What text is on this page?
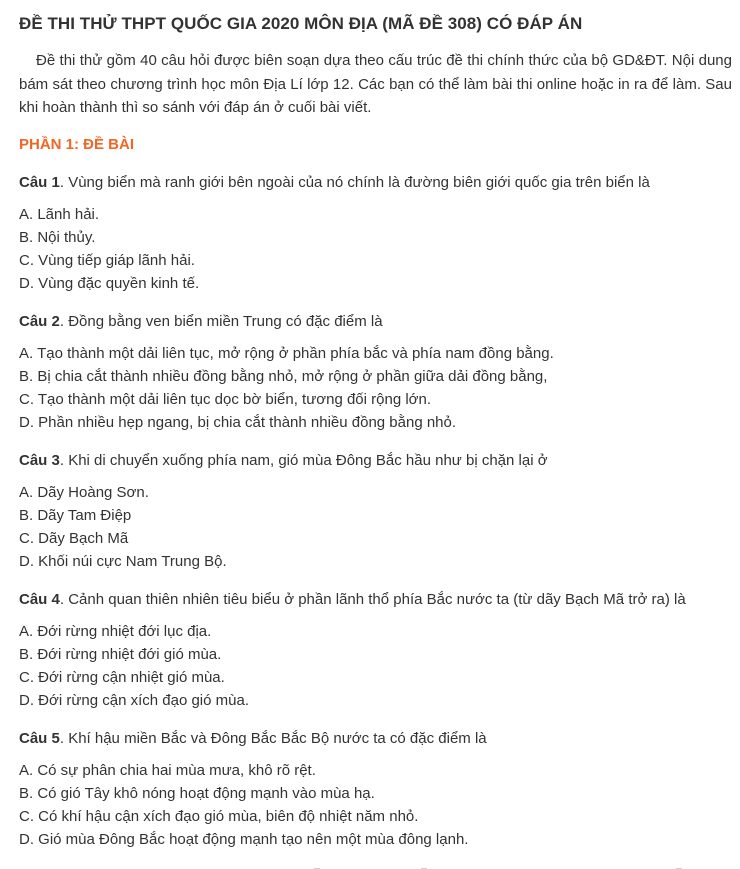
ĐỀ THI THỬ THPT QUỐC GIA 2020 MÔN ĐỊA (MÃ ĐỀ 308) CÓ ĐÁP ÁN

Đề thi thử gồm 40 câu hỏi được biên soạn dựa theo cấu trúc đề thi chính thức của bộ GD&ĐT. Nội dung bám sát theo chương trình học môn Địa Lí lớp 12. Các bạn có thể làm bài thi online hoặc in ra để làm. Sau khi hoàn thành thì so sánh với đáp án ở cuối bài viết.

PHẦN 1: ĐỀ BÀI

Câu 1. Vùng biển mà ranh giới bên ngoài của nó chính là đường biên giới quốc gia trên biển là

A. Lãnh hải.
B. Nội thủy.
C. Vùng tiếp giáp lãnh hải.
D. Vùng đặc quyền kinh tế.

Câu 2. Đồng bằng ven biển miền Trung có đặc điểm là

A. Tạo thành một dải liên tục, mở rộng ở phần phía bắc và phía nam đồng bằng.
B. Bị chia cắt thành nhiều đồng bằng nhỏ, mở rộng ở phần giữa dải đồng bằng,
C. Tạo thành một dải liên tục dọc bờ biển, tương đối rộng lớn.
D. Phần nhiều hẹp ngang, bị chia cắt thành nhiều đồng bằng nhỏ.

Câu 3. Khi di chuyển xuống phía nam, gió mùa Đông Bắc hầu như bị chặn lại ở

A. Dãy Hoàng Sơn.
B. Dãy Tam Điệp
C. Dãy Bạch Mã
D. Khối núi cực Nam Trung Bộ.

Câu 4. Cảnh quan thiên nhiên tiêu biểu ở phần lãnh thổ phía Bắc nước ta (từ dãy Bạch Mã trở ra) là

A. Đới rừng nhiệt đới lục địa.
B. Đới rừng nhiệt đới gió mùa.
C. Đới rừng cận nhiệt gió mùa.
D. Đới rừng cận xích đạo gió mùa.

Câu 5. Khí hậu miền Bắc và Đông Bắc Bắc Bộ nước ta có đặc điểm là

A. Có sự phân chia hai mùa mưa, khô rõ rệt.
B. Có gió Tây khô nóng hoạt động mạnh vào mùa hạ.
C. Có khí hậu cận xích đạo gió mùa, biên độ nhiệt năm nhỏ.
D. Gió mùa Đông Bắc hoạt động mạnh tạo nên một mùa đông lạnh.
